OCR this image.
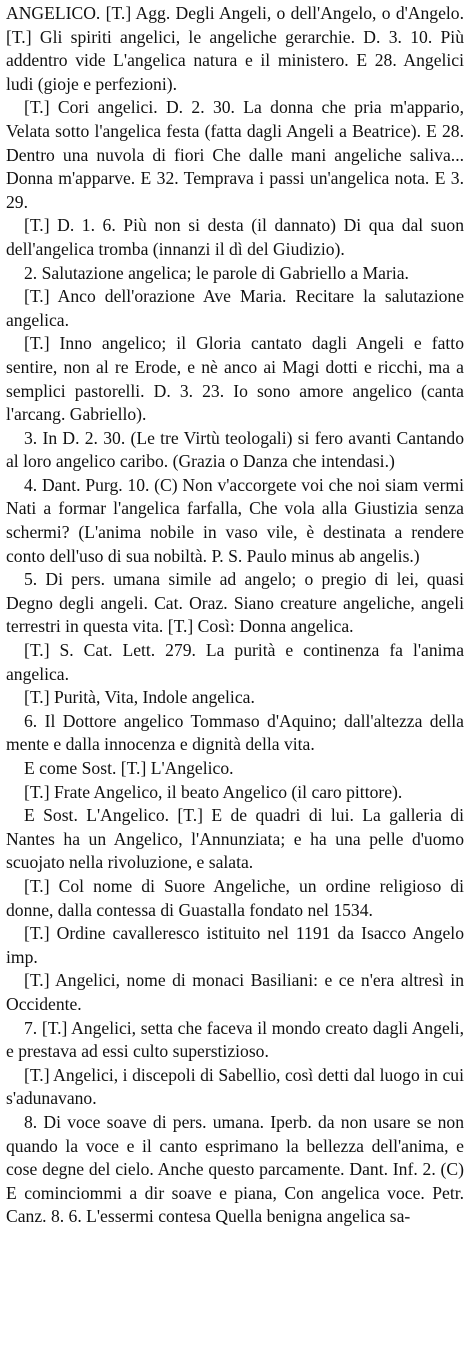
ANGELICO. [T.] Agg. Degli Angeli, o dell'Angelo, o d'Angelo. [T.] Gli spiriti angelici, le angeliche gerarchie. D. 3. 10. Più addentro vide L'angelica natura e il ministero. E 28. Angelici ludi (gioje e perfezioni).

[T.] Cori angelici. D. 2. 30. La donna che pria m'appario, Velata sotto l'angelica festa (fatta dagli Angeli a Beatrice). E 28. Dentro una nuvola di fiori Che dalle mani angeliche saliva... Donna m'apparve. E 32. Temprava i passi un'angelica nota. E 3. 29.

[T.] D. 1. 6. Più non si desta (il dannato) Di qua dal suon dell'angelica tromba (innanzi il dì del Giudizio).

2. Salutazione angelica; le parole di Gabriello a Maria.

[T.] Anco dell'orazione Ave Maria. Recitare la salutazione angelica.

[T.] Inno angelico; il Gloria cantato dagli Angeli e fatto sentire, non al re Erode, e nè anco ai Magi dotti e ricchi, ma a semplici pastorelli. D. 3. 23. Io sono amore angelico (canta l'arcang. Gabriello).

3. In D. 2. 30. (Le tre Virtù teologali) si fero avanti Cantando al loro angelico caribo. (Grazia o Danza che intendasi.)

4. Dant. Purg. 10. (C) Non v'accorgete voi che noi siam vermi Nati a formar l'angelica farfalla, Che vola alla Giustizia senza schermi? (L'anima nobile in vaso vile, è destinata a rendere conto dell'uso di sua nobiltà. P. S. Paulo minus ab angelis.)

5. Di pers. umana simile ad angelo; o pregio di lei, quasi Degno degli angeli. Cat. Oraz. Siano creature angeliche, angeli terrestri in questa vita. [T.] Così: Donna angelica.

[T.] S. Cat. Lett. 279. La purità e continenza fa l'anima angelica.

[T.] Purità, Vita, Indole angelica.

6. Il Dottore angelico Tommaso d'Aquino; dall'altezza della mente e dalla innocenza e dignità della vita.

E come Sost. [T.] L'Angelico.

[T.] Frate Angelico, il beato Angelico (il caro pittore).

E Sost. L'Angelico. [T.] E de quadri di lui. La galleria di Nantes ha un Angelico, l'Annunziata; e ha una pelle d'uomo scuojato nella rivoluzione, e salata.

[T.] Col nome di Suore Angeliche, un ordine religioso di donne, dalla contessa di Guastalla fondato nel 1534.

[T.] Ordine cavalleresco istituito nel 1191 da Isacco Angelo imp.

[T.] Angelici, nome di monaci Basiliani: e ce n'era altresì in Occidente.

7. [T.] Angelici, setta che faceva il mondo creato dagli Angeli, e prestava ad essi culto superstizioso.

[T.] Angelici, i discepoli di Sabellio, così detti dal luogo in cui s'adunavano.

8. Di voce soave di pers. umana. Iperb. da non usare se non quando la voce e il canto esprimano la bellezza dell'anima, e cose degne del cielo. Anche questo parcamente. Dant. Inf. 2. (C) E cominciommi a dir soave e piana, Con angelica voce. Petr. Canz. 8. 6. L'essermi contesa Quella benigna angelica sa-
